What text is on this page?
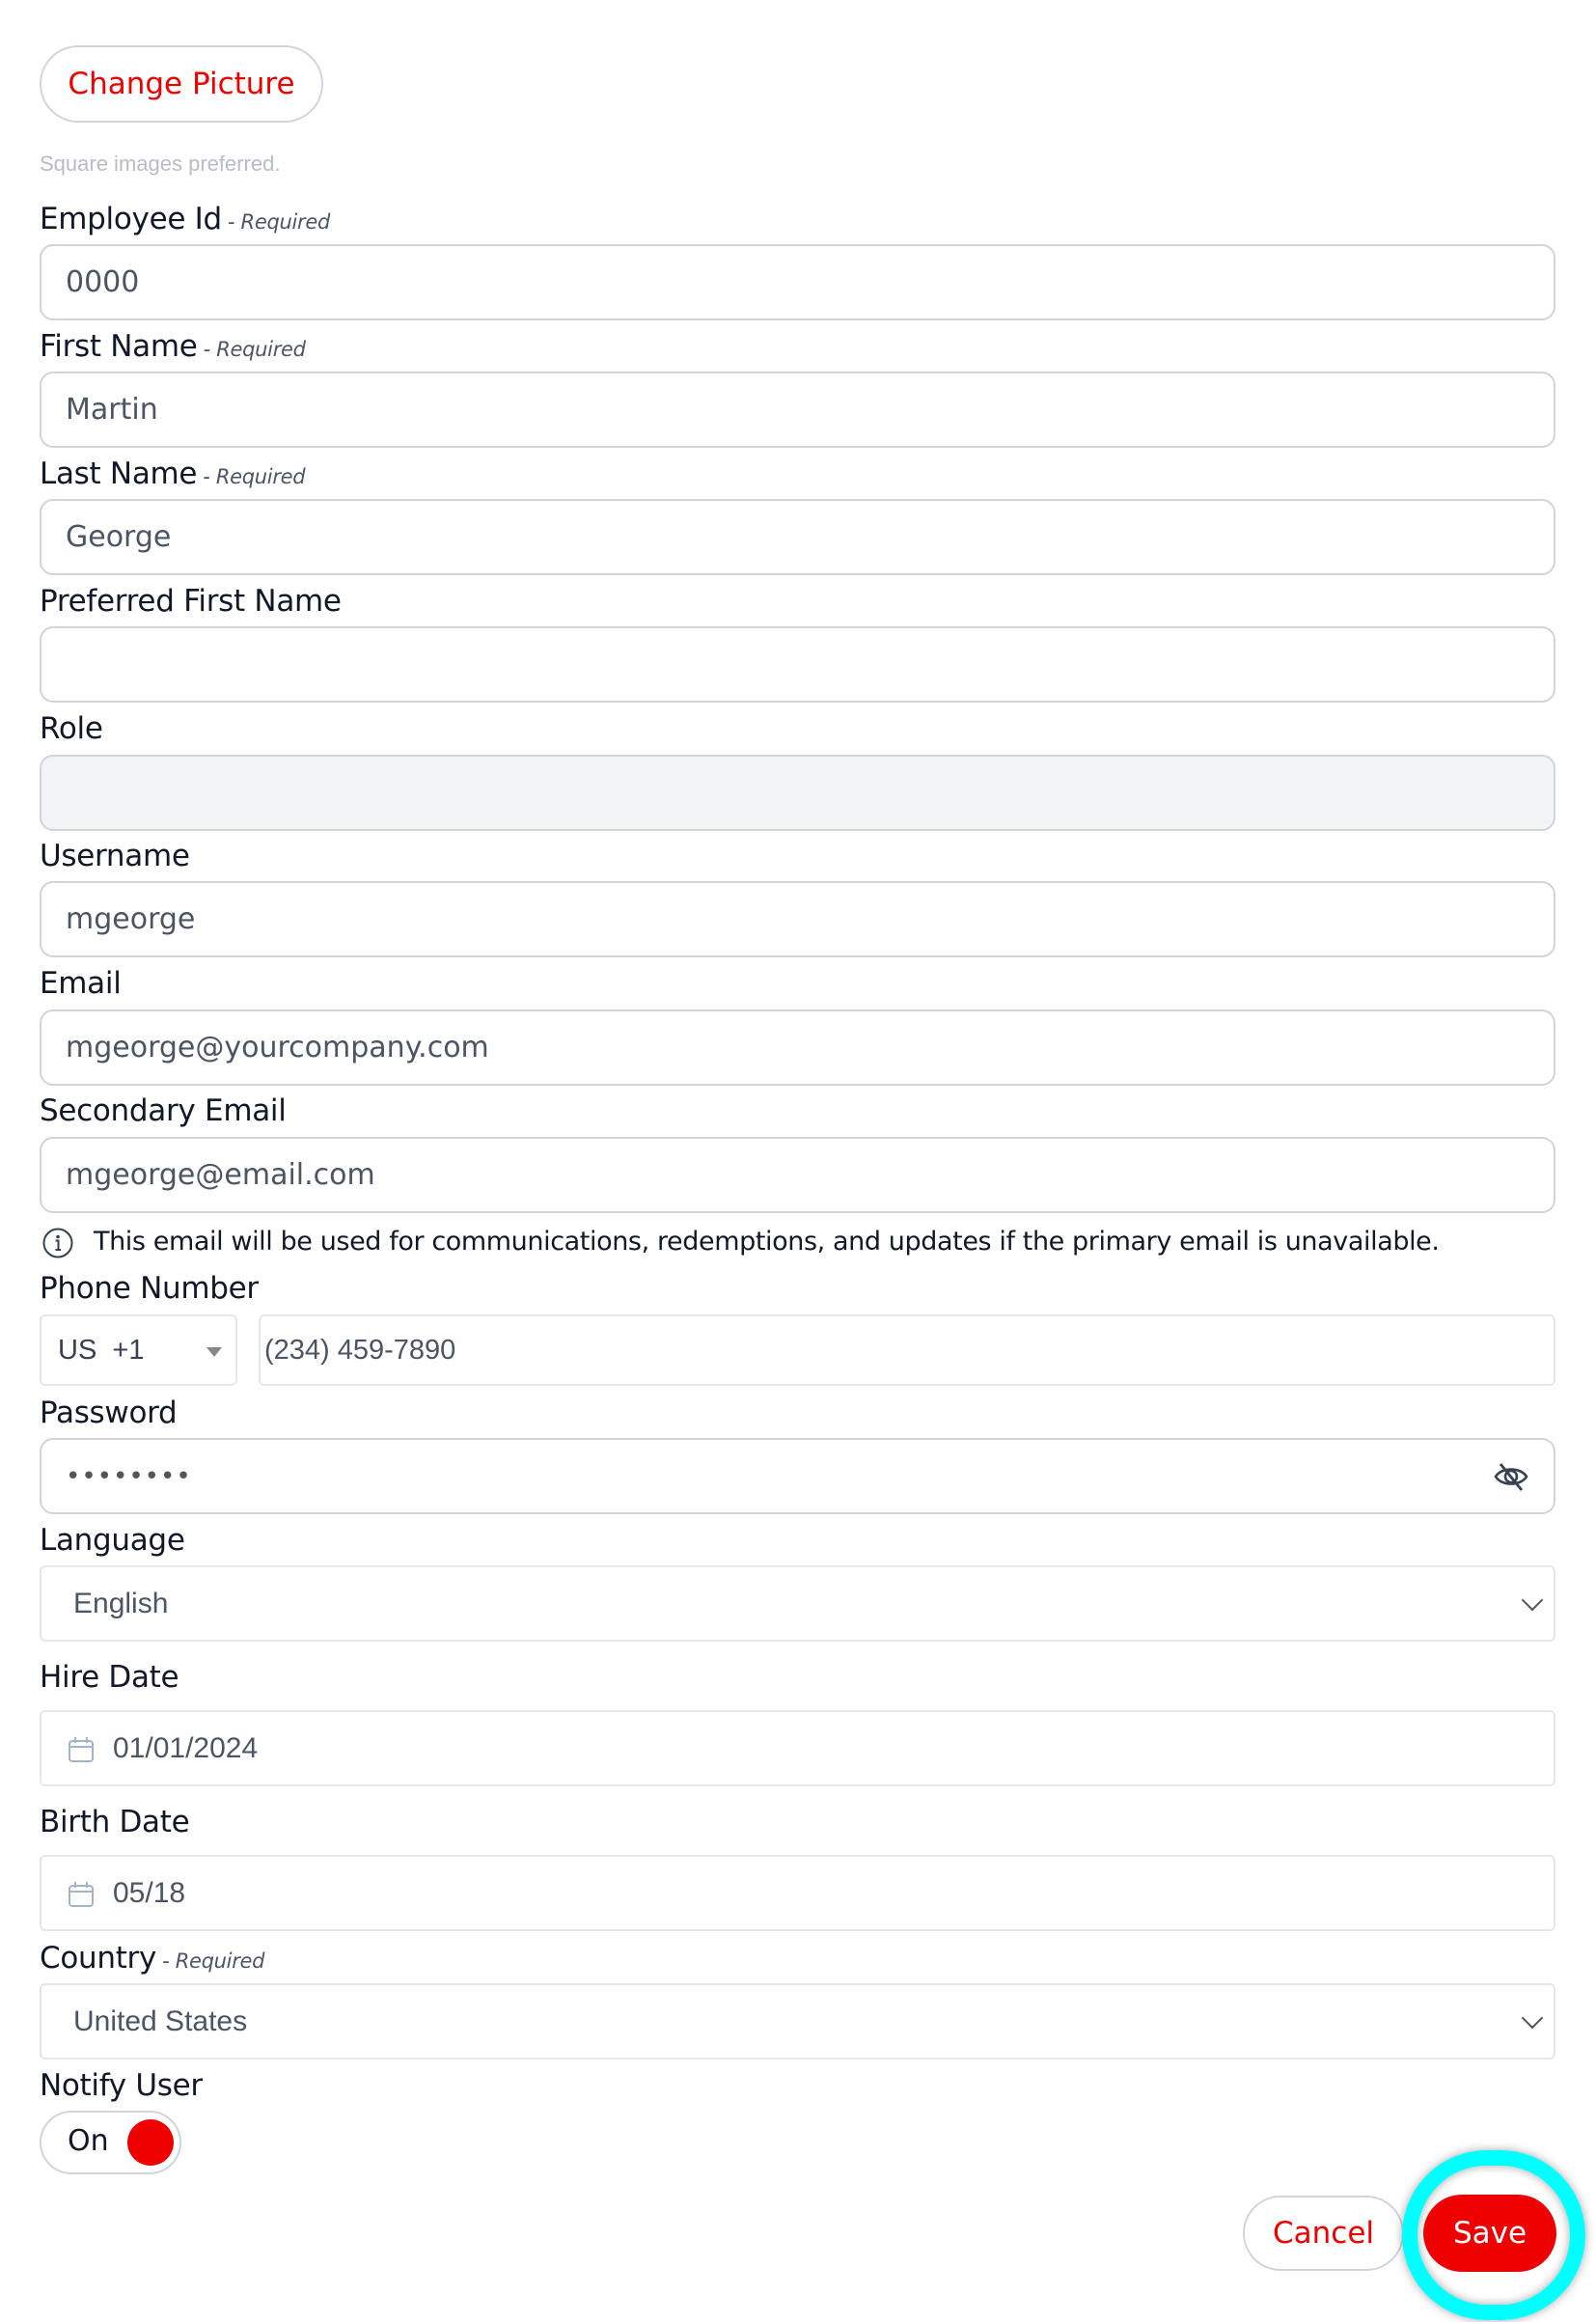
Change Picture
Square images preferred.
Employee Id - Required
0000
First Name - Required
Martin
Last Name - Required
George
Preferred First Name
Role
Username
mgeorge
Email
mgeorge@yourcompany.com
Secondary Email
mgeorge@email.com
This email will be used for communications, redemptions, and updates if the primary email is unavailable.
Phone Number
US  +1	(234) 459-7890
Password
••••••••
Language
English
Hire Date
01/01/2024
Birth Date
05/18
Country - Required
United States
Notify User
On
Cancel	Save
